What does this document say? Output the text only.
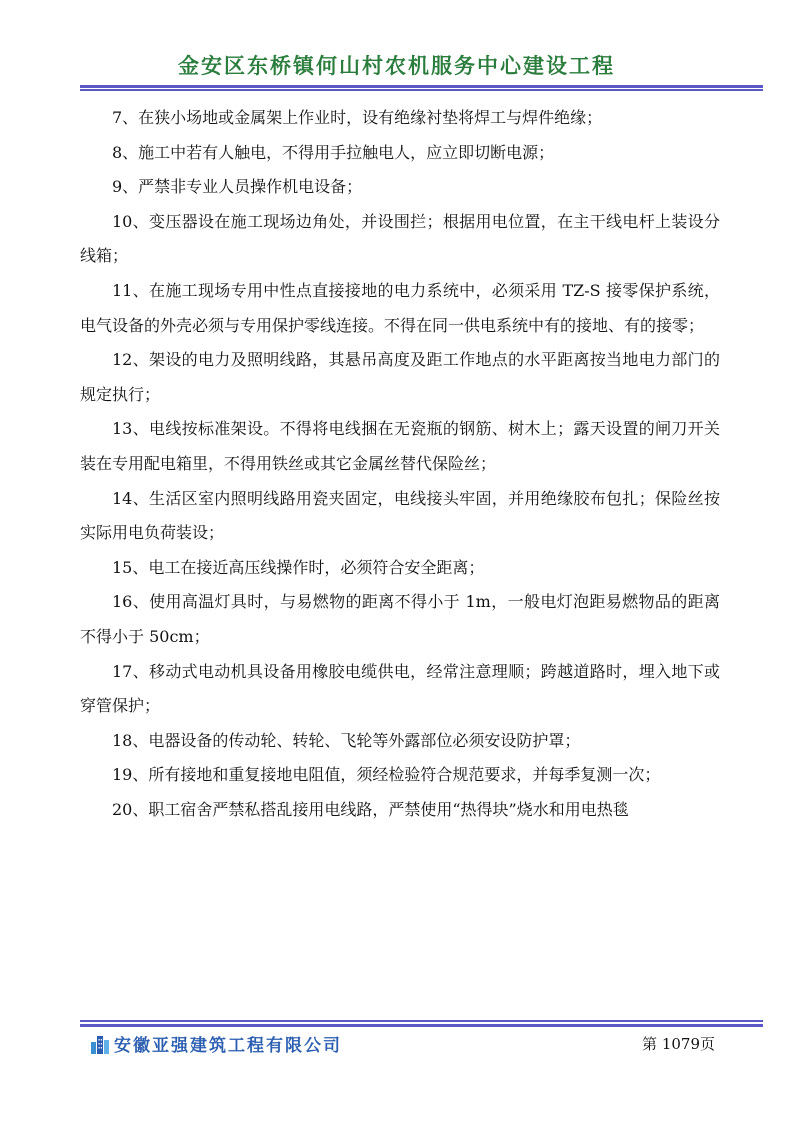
金安区东桥镇何山村农机服务中心建设工程

7、在狭小场地或金属架上作业时，设有绝缘衬垫将焊工与焊件绝缘；

8、施工中若有人触电，不得用手拉触电人，应立即切断电源；

9、严禁非专业人员操作机电设备；

10、变压器设在施工现场边角处，并设围拦；根据用电位置，在主干线电杆上装设分线箱；

11、在施工现场专用中性点直接接地的电力系统中，必须采用 TZ-S 接零保护系统，电气设备的外壳必须与专用保护零线连接。不得在同一供电系统中有的接地、有的接零；

12、架设的电力及照明线路，其悬吊高度及距工作地点的水平距离按当地电力部门的规定执行；

13、电线按标准架设。不得将电线捆在无瓷瓶的钢筋、树木上；露天设置的闸刀开关装在专用配电箱里，不得用铁丝或其它金属丝替代保险丝；

14、生活区室内照明线路用瓷夹固定，电线接头牢固，并用绝缘胶布包扎；保险丝按实际用电负荷装设；

15、电工在接近高压线操作时，必须符合安全距离；

16、使用高温灯具时，与易燃物的距离不得小于 1m，一般电灯泡距易燃物品的距离不得小于 50cm；

17、移动式电动机具设备用橡胶电缆供电，经常注意理顺；跨越道路时，埋入地下或穿管保护；

18、电器设备的传动轮、转轮、飞轮等外露部位必须安设防护罩；

19、所有接地和重复接地电阻值，须经检验符合规范要求，并每季复测一次；

20、职工宿舍严禁私搭乱接用电线路，严禁使用“热得块”烧水和用电热毯

安徽亚强建筑工程有限公司	第 1079页
